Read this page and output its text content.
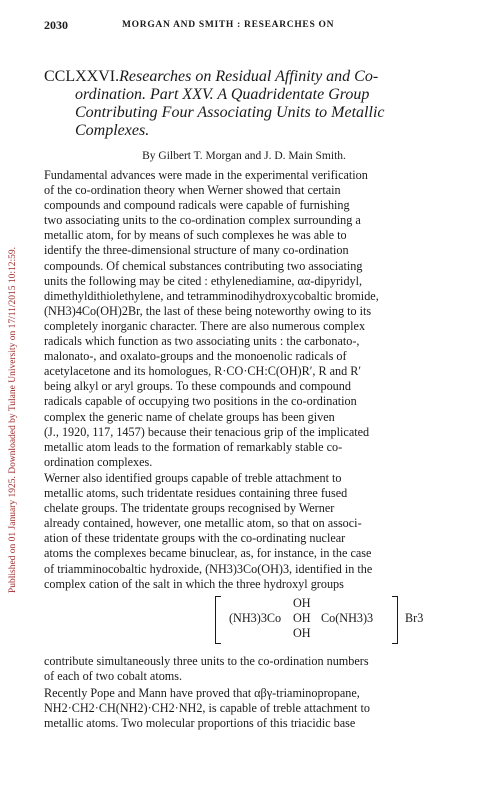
Published on 01 January 1925. Downloaded by Tulane University on 17/11/2015 10:12:59.
2030	MORGAN AND SMITH : RESEARCHES ON
CCLXXVI.Researches on Residual Affinity and Co-
ordination. Part XXV. A Quadridentate Group
Contributing Four Associating Units to Metallic
Complexes.
By Gilbert T. Morgan and J. D. Main Smith.
Fundamental advances were made in the experimental verification
of the co-ordination theory when Werner showed that certain
compounds and compound radicals were capable of furnishing
two associating units to the co-ordination complex surrounding a
metallic atom, for by means of such complexes he was able to
identify the three-dimensional structure of many co-ordination
compounds. Of chemical substances contributing two associating
units the following may be cited : ethylenediamine, αα-dipyridyl,
dimethyldithiolethylene, and tetramminodihydroxycobaltic bromide,
(NH3)4Co(OH)2Br, the last of these being noteworthy owing to its
completely inorganic character. There are also numerous complex
radicals which function as two associating units : the carbonato-,
malonato-, and oxalato-groups and the monoenolic radicals of
acetylacetone and its homologues, R·CO·CH:C(OH)R′, R and R′
being alkyl or aryl groups. To these compounds and compound
radicals capable of occupying two positions in the co-ordination
complex the generic name of chelate groups has been given
(J., 1920, 117, 1457) because their tenacious grip of the implicated
metallic atom leads to the formation of remarkably stable co-
ordination complexes.
Werner also identified groups capable of treble attachment to
metallic atoms, such tridentate residues containing three fused
chelate groups. The tridentate groups recognised by Werner
already contained, however, one metallic atom, so that on associ-
ation of these tridentate groups with the co-ordinating nuclear
atoms the complexes became binuclear, as, for instance, in the case
of triamminocobaltic hydroxide, (NH3)3Co(OH)3, identified in the
complex cation of the salt in which the three hydroxyl groups
OH
(NH3)3Co OH Co(NH3)3
OH
Br3
contribute simultaneously three units to the co-ordination numbers
of each of two cobalt atoms.
Recently Pope and Mann have proved that αβγ-triaminopropane,
NH2·CH2·CH(NH2)·CH2·NH2, is capable of treble attachment to
metallic atoms. Two molecular proportions of this triacidic base
